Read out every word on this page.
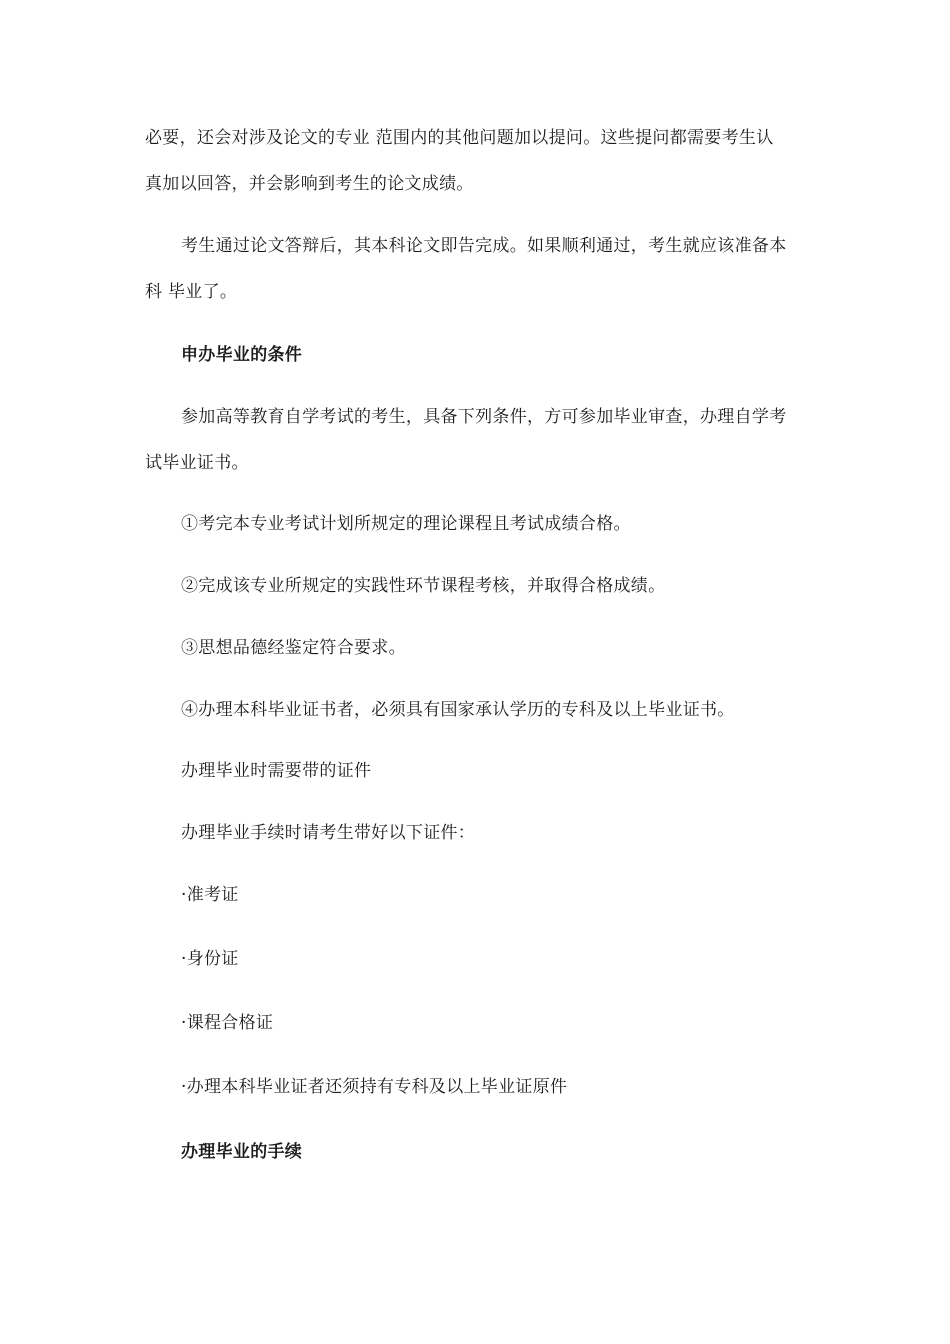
必要，还会对涉及论文的专业 范围内的其他问题加以提问。这些提问都需要考生认
真加以回答，并会影响到考生的论文成绩。
考生通过论文答辩后，其本科论文即告完成。如果顺利通过，考生就应该准备本
科 毕业了。
申办毕业的条件
参加高等教育自学考试的考生，具备下列条件，方可参加毕业审查，办理自学考
试毕业证书。
①考完本专业考试计划所规定的理论课程且考试成绩合格。
②完成该专业所规定的实践性环节课程考核，并取得合格成绩。
③思想品德经鉴定符合要求。
④办理本科毕业证书者，必须具有国家承认学历的专科及以上毕业证书。
办理毕业时需要带的证件
办理毕业手续时请考生带好以下证件：
·准考证
·身份证
·课程合格证
·办理本科毕业证者还须持有专科及以上毕业证原件
办理毕业的手续
